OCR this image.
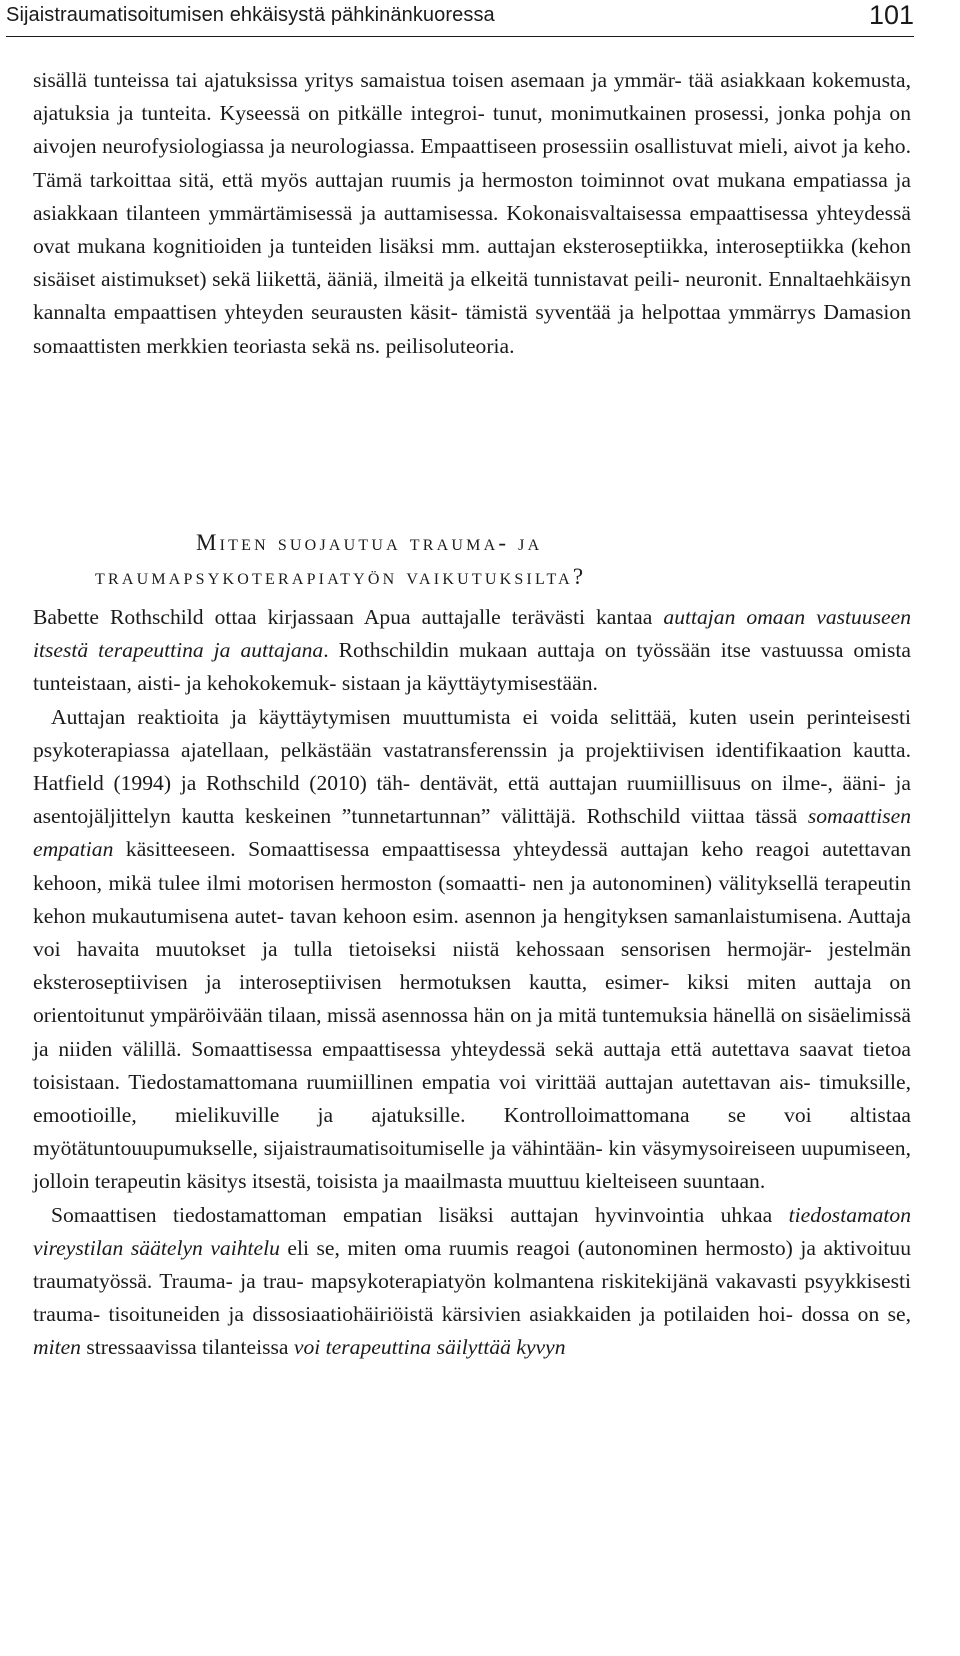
Sijaistraumatisoitumisen ehkäisystä pähkinänkuoressa	101

sisällä tunteissa tai ajatuksissa yritys samaistua toisen asemaan ja ymmär- tää asiakkaan kokemusta, ajatuksia ja tunteita. Kyseessä on pitkälle integroi- tunut, monimutkainen prosessi, jonka pohja on aivojen neurofysiologiassa ja neurologiassa. Empaattiseen prosessiin osallistuvat mieli, aivot ja keho. Tämä tarkoittaa sitä, että myös auttajan ruumis ja hermoston toiminnot ovat mukana empatiassa ja asiakkaan tilanteen ymmärtämisessä ja auttamisessa. Kokonaisvaltaisessa empaattisessa yhteydessä ovat mukana kognitioiden ja tunteiden lisäksi mm. auttajan eksteroseptiikka, interoseptiikka (kehon sisäiset aistimukset) sekä liikettä, ääniä, ilmeitä ja elkeitä tunnistavat peili- neuronit. Ennaltaehkäisyn kannalta empaattisen yhteyden seurausten käsit- tämistä syventää ja helpottaa ymmärrys Damasion somaattisten merkkien teoriasta sekä ns. peilisoluteoria.

Miten suojautua trauma- ja
traumapsykoterapiatyön vaikutuksilta?

Babette Rothschild ottaa kirjassaan Apua auttajalle terävästi kantaa auttajan omaan vastuuseen itsestä terapeuttina ja auttajana. Rothschildin mukaan auttaja on työssään itse vastuussa omista tunteistaan, aisti- ja kehokokemuk- sistaan ja käyttäytymisestään.

Auttajan reaktioita ja käyttäytymisen muuttumista ei voida selittää, kuten usein perinteisesti psykoterapiassa ajatellaan, pelkästään vastatransferenssin ja projektiivisen identifikaation kautta. Hatfield (1994) ja Rothschild (2010) täh- dentävät, että auttajan ruumiillisuus on ilme-, ääni- ja asentojäljittelyn kautta keskeinen ”tunnetartunnan” välittäjä. Rothschild viittaa tässä somaattisen empatian käsitteeseen. Somaattisessa empaattisessa yhteydessä auttajan keho reagoi autettavan kehoon, mikä tulee ilmi motorisen hermoston (somaatti- nen ja autonominen) välityksellä terapeutin kehon mukautumisena autet- tavan kehoon esim. asennon ja hengityksen samanlaistumisena. Auttaja voi havaita muutokset ja tulla tietoiseksi niistä kehossaan sensorisen hermojär- jestelmän eksteroseptiivisen ja interoseptiivisen hermotuksen kautta, esimer- kiksi miten auttaja on orientoitunut ympäröivään tilaan, missä asennossa hän on ja mitä tuntemuksia hänellä on sisäelimissä ja niiden välillä. Somaattisessa empaattisessa yhteydessä sekä auttaja että autettava saavat tietoa toisistaan. Tiedostamattomana ruumiillinen empatia voi virittää auttajan autettavan ais- timuksille, emootioille, mielikuville ja ajatuksille. Kontrolloimattomana se voi altistaa myötätuntouupumukselle, sijaistraumatisoitumiselle ja vähintään- kin väsymysoireiseen uupumiseen, jolloin terapeutin käsitys itsestä, toisista ja maailmasta muuttuu kielteiseen suuntaan.

Somaattisen tiedostamattoman empatian lisäksi auttajan hyvinvointia uhkaa tiedostamaton vireystilan säätelyn vaihtelu eli se, miten oma ruumis reagoi (autonominen hermosto) ja aktivoituu traumatyössä. Trauma- ja trau- mapsykoterapiatyön kolmantena riskitekijänä vakavasti psyykkisesti trauma- tisoituneiden ja dissosiaatiohäiriöistä kärsivien asiakkaiden ja potilaiden hoi- dossa on se, miten stressaavissa tilanteissa voi terapeuttina säilyttää kyvyn
